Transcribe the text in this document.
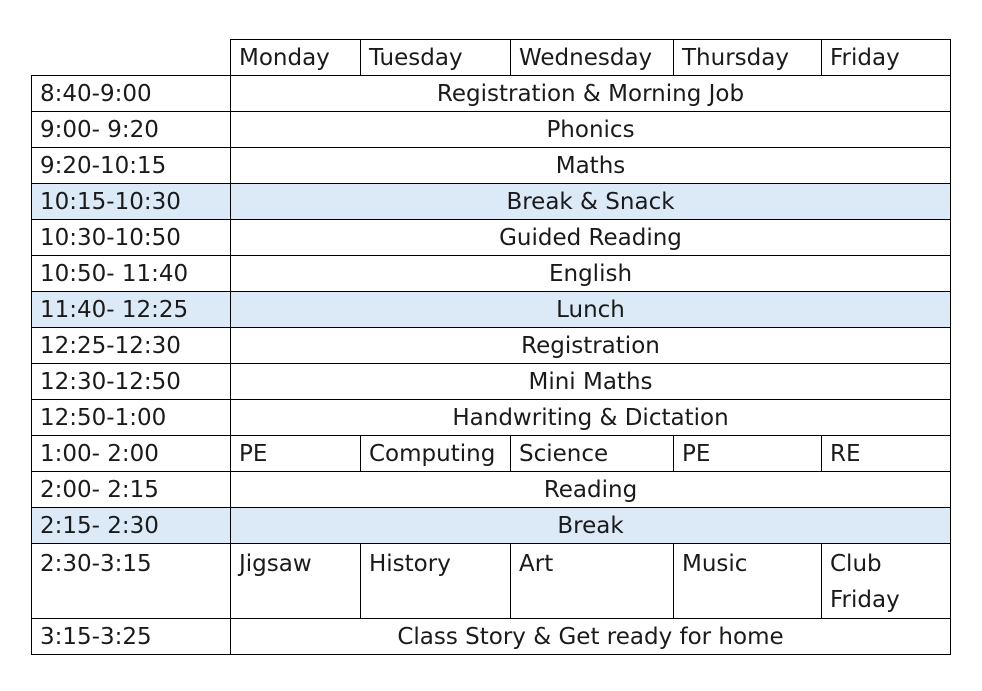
	Monday	Tuesday	Wednesday	Thursday	Friday
8:40-9:00	Registration & Morning Job				
9:00- 9:20	Phonics				
9:20-10:15	Maths				
10:15-10:30	Break & Snack				
10:30-10:50	Guided Reading				
10:50- 11:40	English				
11:40- 12:25	Lunch				
12:25-12:30	Registration				
12:30-12:50	Mini Maths				
12:50-1:00	Handwriting & Dictation				
1:00- 2:00	PE	Computing	Science	PE	RE
2:00- 2:15	Reading				
2:15- 2:30	Break				
2:30-3:15	Jigsaw	History	Art	Music	Club Friday
3:15-3:25	Class Story & Get ready for home				
